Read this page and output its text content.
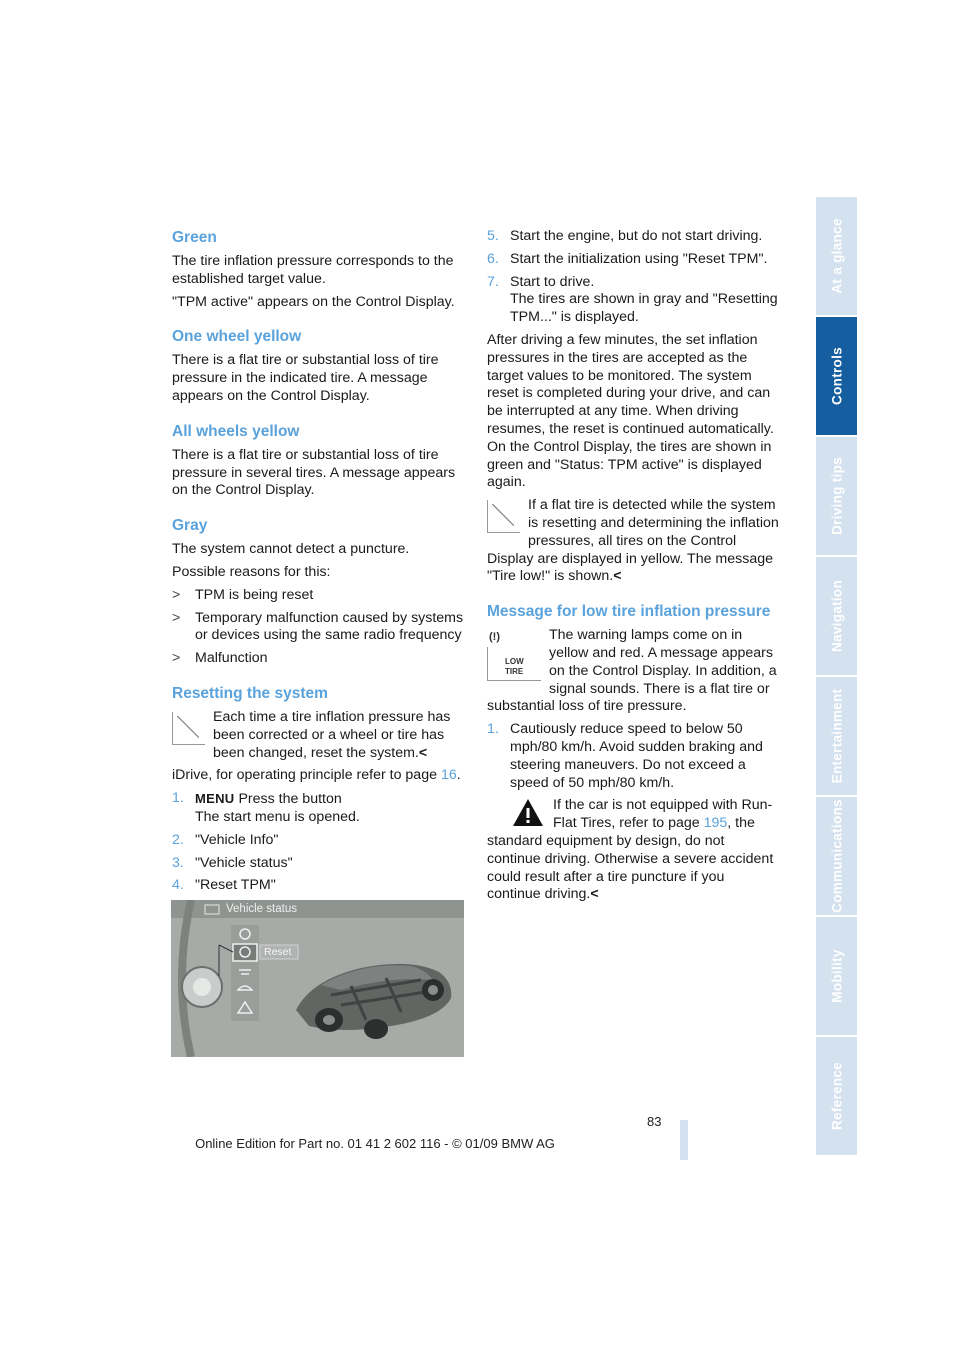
Green

The tire inflation pressure corresponds to the established target value.

"TPM active" appears on the Control Display.

One wheel yellow

There is a flat tire or substantial loss of tire pressure in the indicated tire. A message appears on the Control Display.

All wheels yellow

There is a flat tire or substantial loss of tire pressure in several tires. A message appears on the Control Display.

Gray

The system cannot detect a puncture.

Possible reasons for this:

> TPM is being reset

> Temporary malfunction caused by systems or devices using the same radio frequency

> Malfunction

Resetting the system
Each time a tire inflation pressure has been corrected or a wheel or tire has been changed, reset the system.<

iDrive, for operating principle refer to page 16.

1. MENU Press the button
The start menu is opened.

2. "Vehicle Info"

3. "Vehicle status"

4. "Reset TPM"

Vehicle status
Reset

5. Start the engine, but do not start driving.

6. Start the initialization using "Reset TPM".

7. Start to drive.
The tires are shown in gray and "Resetting TPM..." is displayed.

After driving a few minutes, the set inflation pressures in the tires are accepted as the target values to be monitored. The system reset is completed during your drive, and can be interrupted at any time. When driving resumes, the reset is continued automatically. On the Control Display, the tires are shown in green and "Status: TPM active" is displayed again.

If a flat tire is detected while the system is resetting and determining the inflation pressures, all tires on the Control Display are displayed in yellow. The message "Tire low!" is shown.<
Message for low tire inflation pressure
(!)
LOW
TIRE
The warning lamps come on in yellow and red. A message appears on the Control Display. In addition, a signal sounds. There is a flat tire or substantial loss of tire pressure.

1. Cautiously reduce speed to below 50 mph/80 km/h. Avoid sudden braking and steering maneuvers. Do not exceed a speed of 50 mph/80 km/h.

If the car is not equipped with Run-Flat Tires, refer to page 195, the standard equipment by design, do not continue driving. Otherwise a severe accident could result after a tire puncture if you continue driving.<
At a glance
Controls
Driving tips
Navigation
Entertainment
Communications
Mobility
Reference
83
Online Edition for Part no. 01 41 2 602 116 - © 01/09 BMW AG
